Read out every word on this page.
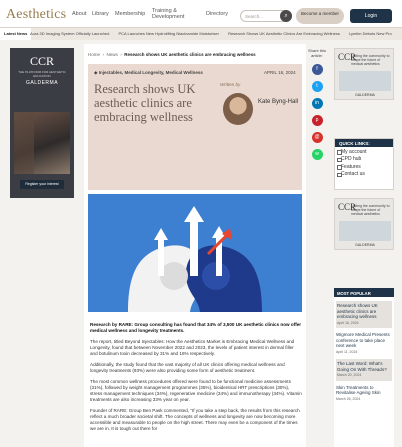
Aesthetics About Library Membership Training & Development	Directory	Search...	⌕	Become a member	Login
Latest News Aura 3D Imaging System Officially Launched PCA Launches New Hydrolifting Niacinamide Moisturiser Research Shows UK Aesthetic Clinics Are Embracing Wellness Lymlim Debuts New Pro
CCR
THE PLATFORM FOR AESTHETIC EDUCATION
GALDERMA
Register your interest
Home  ›  News  ›  Research shows UK aesthetic clinics are embracing wellness
◆ Injectables, Medical Longevity, Medical Wellness	APRIL 16, 2024
Research shows UK aesthetic clinics are embracing wellness
Written by
Kate Byng-Hall

Research by RARE: Group consulting has found that 34% of 3,500 UK aesthetic clinics now offer medical wellness and longevity treatments.

The report, titled Beyond Injectables: How the Aesthetics Market is Embracing Medical Wellness and Longevity, found that between November 2022 and 2023, the levels of patient interest in dermal filler and botulinum toxin decreased by 31% and 16% respectively.

Additionally, the study found that the vast majority of all UK clinics offering medical wellness and longevity treatments (93%) were also providing some form of aesthetic treatment.

The most common wellness procedures offered were found to be functional medicine assessments (31%), followed by weight management programmes (35%), bioidentical HRT prescriptions (30%), stress management techniques (34%), regenerative medicine (34%) and immunotherapy (34%). Vitamin treatments are also increasing 33% year on year.

Founder of RARE: Group Ben Pask commented, "If you take a step back, the results from this research reflect a much broader societal shift. The concepts of wellness and longevity are now becoming more accessible and measurable to people on the high street. There may even be a component of the times we are in. It is tough out there for

Share this article:
f
t
in
p
@
w
CCR
Uniting the community to shape the future of medical aesthetics
GALDERMA
QUICK LINKS:
My account
CPD hub
Features
Contact us
CCR
Uniting the community to shape the future of medical aesthetics
GALDERMA
MOST POPULAR
Research shows UK aesthetic clinics are embracing wellness
April 16, 2024
Wigmore Medical Presents conference to take place next week
April 11, 2024
The Last Word: What's Going On With Threads?
March 20, 2024
Skin Treatments to Revitalise Ageing Skin
March 26, 2024
